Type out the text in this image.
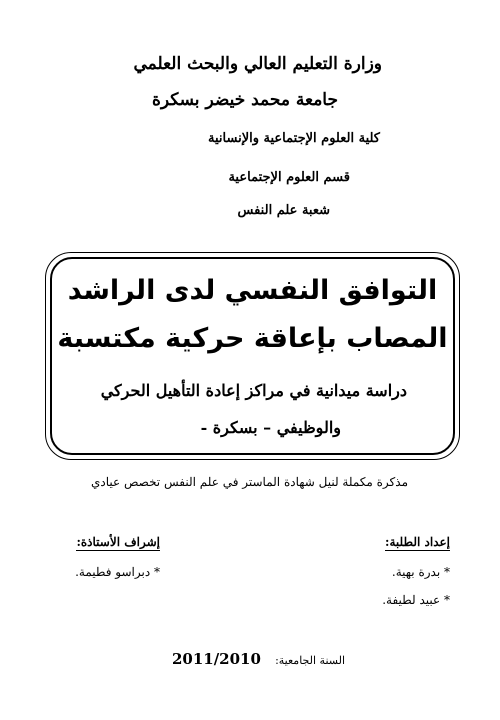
وزارة التعليم العالي والبحث العلمي
جامعة محمد خيضر بسكرة
كلية العلوم الإجتماعية والإنسانية
قسم العلوم الإجتماعية
شعبة علم النفس
التوافق النفسي لدى الراشد
المصاب بإعاقة حركية مكتسبة
دراسة ميدانية في مراكز إعادة التأهيل الحركي
والوظيفي – بسكرة -
مذكرة مكملة لنيل شهادة الماستر في علم النفس تخصص عيادي
إعداد الطلبة:
* بدرة بهية.
* عبيد لطيفة.
إشراف الأستاذة:
* دبراسو فطيمة.
السنة الجامعية: 2011/2010
